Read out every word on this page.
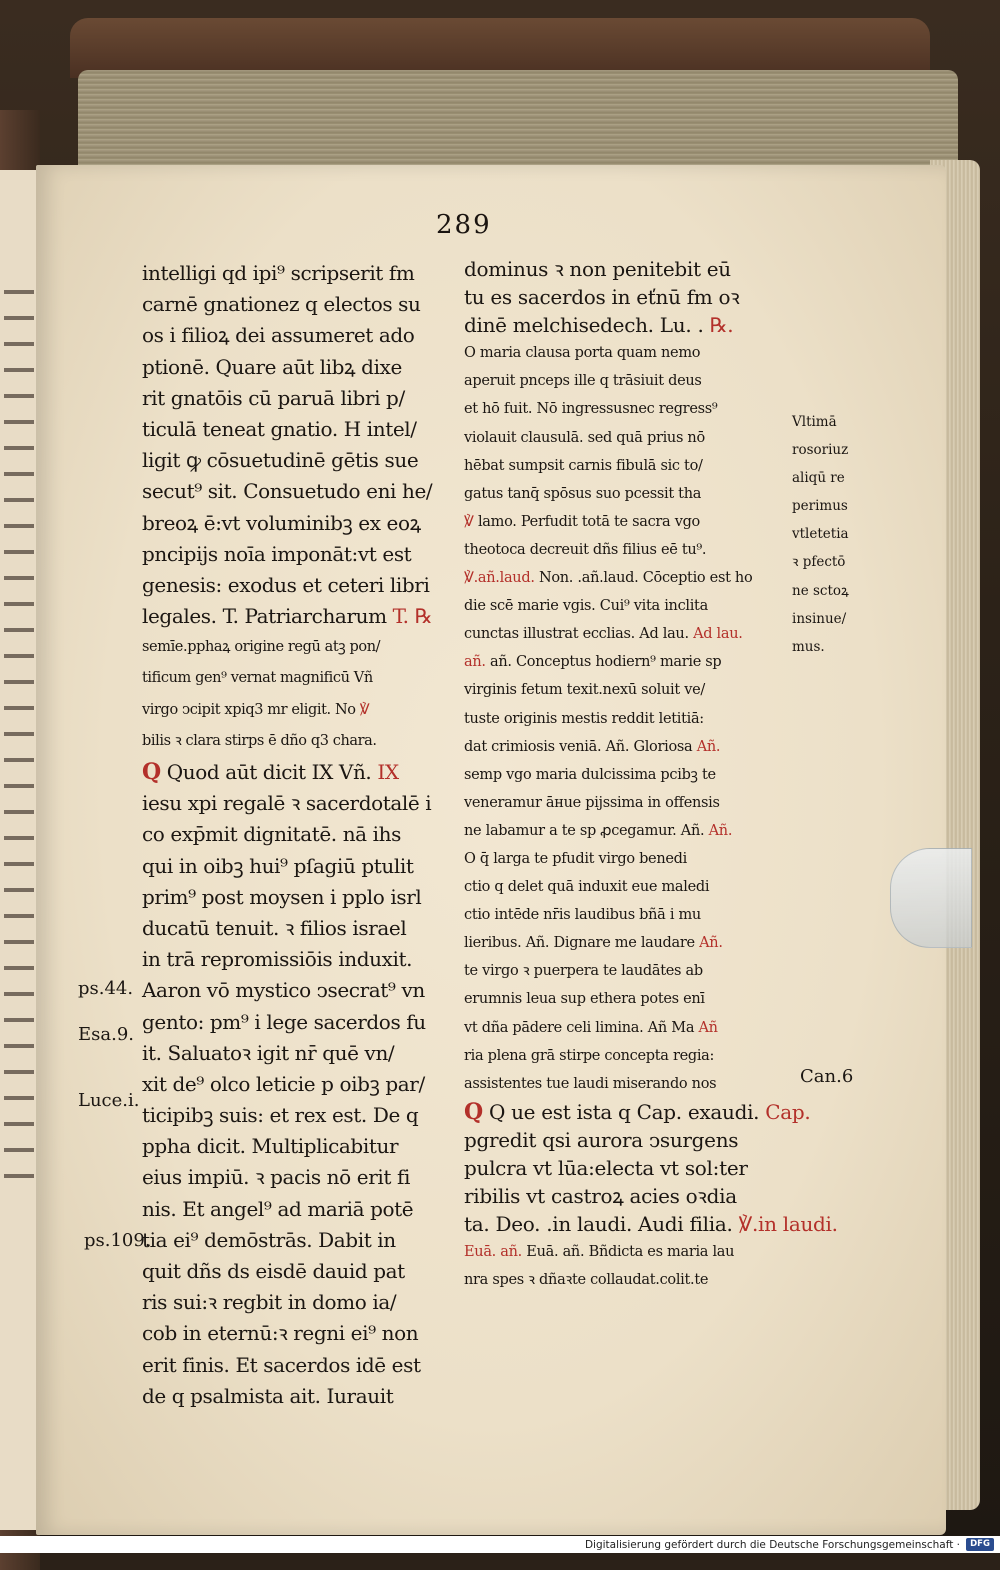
289
intelligi qd ipi⁹ scripserit fm
carnē gnationez q electos su
os i filioꝝ dei assumeret ado
ptionē. Quare aūt libꝝ dixe
rit gnatōis cū paruā libri p/
ticulā teneat gnatio. H intel/
ligit ꝙ cōsuetudinē gētis sue
secut⁹ sit. Consuetudo eni he/
breoꝝ ē:vt voluminibꝫ ex eoꝝ
pncipijs noīa imponāt:vt est
genesis: exodus et ceteri libri
legales. T. Patriarcharum T. ℞
semīe.pphaꝝ origine regū atꝫ pon/
tificum gen⁹ vernat magnificū Vñ
virgo ↄcipit xpiq3 mr eligit. No ℣
bilis ꝛ clara stirps ē dño q3 chara.
Q Quod aūt dicit IX Vñ. IX
iesu xpi regalē ꝛ sacerdotalē i
co exp̄mit dignitatē. nā ihs
qui in oibꝫ hui⁹ pſagiū ptulit
prim⁹ post moysen i pplo isrl
ducatū tenuit. ꝛ filios israel
in trā repromissiōis induxit.
Aaron vō mystico ↄsecrat⁹ vn
gento: pm⁹ i lege sacerdos fu
it. Saluatoꝛ igit nr̄ quē vn/
xit de⁹ olco leticie p oibꝫ par/
ticipibꝫ suis: et rex est. De q
ppha dicit. Multiplicabitur
eius impiū. ꝛ pacis nō erit fi
nis. Et angel⁹ ad mariā potē
tia ei⁹ demōstrās. Dabit in
quit dñs ds eisdē dauid pat
ris sui:ꝛ regbit in domo ia/
cob in eternū:ꝛ regni ei⁹ non
erit finis. Et sacerdos idē est
de q psalmista ait. Iurauit
dominus ꝛ non penitebit eū
tu es sacerdos in eťnū fm oꝛ
dinē melchisedech. Lu. . ℞.
O maria clausa porta quam nemo
aperuit pnceps ille q trāsiuit deus
et hō fuit. Nō ingressusnec regress⁹
violauit clausulā. sed quā prius nō
hēbat sumpsit carnis fibulā sic to/
gatus tanq̄ spōsus suo pcessit tha
℣ lamo. Perfudit totā te sacra vgo
theotoca decreuit dñs filius eē tu⁹.
℣.añ.laud. Non. .añ.laud. Cōceptio est ho
die scē marie vgis. Cui⁹ vita inclita
cunctas illustrat ecclias. Ad lau. Ad lau.
añ. añ. Conceptus hodiern⁹ marie sp
virginis fetum texit.nexū soluit ve/
tuste originis mestis reddit letitiā:
dat crimiosis veniā. Añ. Gloriosa Añ.
semp vgo maria dulcissima pcibꝫ te
veneramur āнue pijssima in offensis
ne labamur a te sp ꝓcegamur. Añ. Añ.
O q̄ larga te pfudit virgo benedi
ctio q delet quā induxit eue maledi
ctio intēde nr̄is laudibus bñā i mu
lieribus. Añ. Dignare me laudare Añ.
te virgo ꝛ puerpera te laudātes ab
erumnis leua sup ethera potes enī
vt dña pādere celi limina. Añ Ma Añ
ria plena grā stirpe concepta regia:
assistentes tue laudi miserando nos
Q Q ue est ista q Cap. exaudi. Cap.
pgredit qsi aurora ↄsurgens
pulcra vt lūa:electa vt sol:ter
ribilis vt castroꝝ acies oꝛdia
ta. Deo. .in laudi. Audi filia. ℣.in laudi.
Euā. añ. Euā. añ. Bñdicta es maria lau
nra spes ꝛ dñaꝛte collaudat.colit.te
ps.44.
Esa.9.
Luce.i.
ps.109.
Vltimā
rosoriuz
aliqū re
perimus
vtletetia
ꝛ pfectō
ne sctoꝝ
insinue/
mus.
Can.6
Digitalisierung gefördert durch die Deutsche Forschungsgemeinschaft ·	DFG
